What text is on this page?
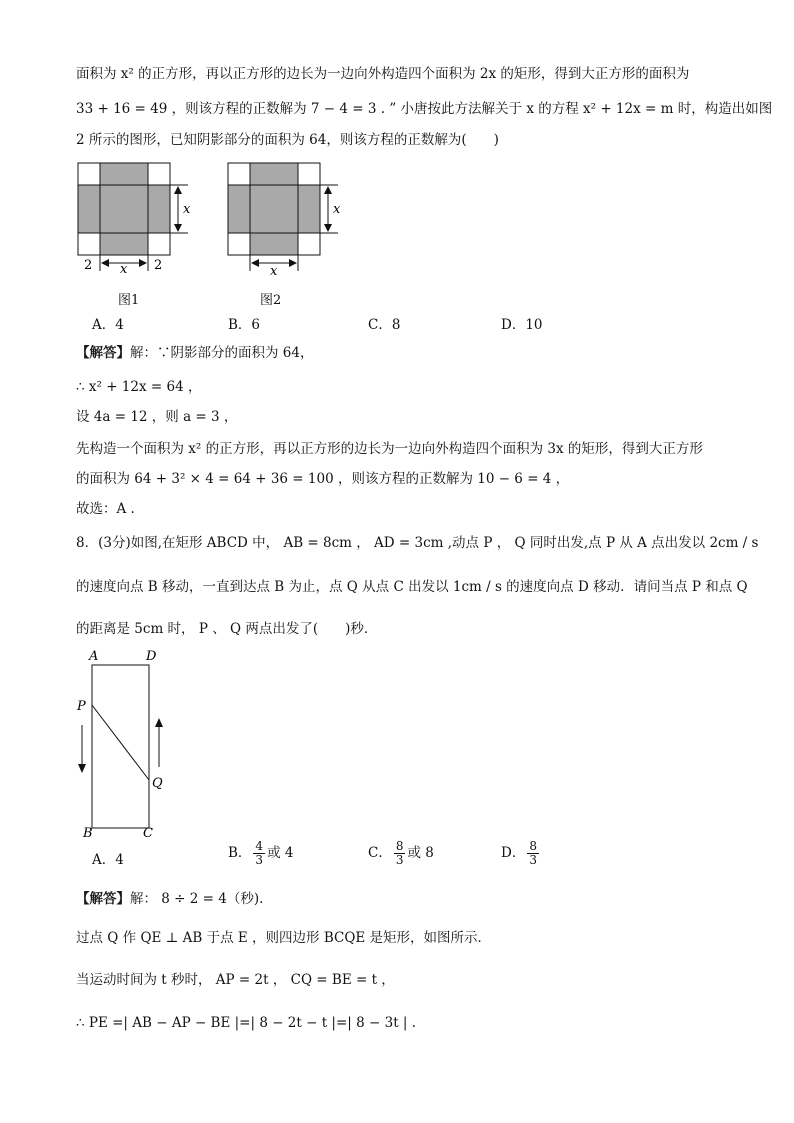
面积为 x² 的正方形，再以正方形的边长为一边向外构造四个面积为 2x 的矩形，得到大正方形的面积为
33 + 16 = 49 ，则该方程的正数解为 7 − 4 = 3 . ” 小唐按此方法解关于 x 的方程 x² + 12x = m 时，构造出如图
2 所示的图形，已知阴影部分的面积为 64，则该方程的正数解为(　　)
x
x
2	2
图1
x
x
图2
A．4	B．6	C．8	D．10
【解答】解：∵阴影部分的面积为 64，
∴ x² + 12x = 64 ，
设 4a = 12 ，则 a = 3 ，
先构造一个面积为 x² 的正方形，再以正方形的边长为一边向外构造四个面积为 3x 的矩形，得到大正方形
的面积为 64 + 3² × 4 = 64 + 36 = 100 ，则该方程的正数解为 10 − 6 = 4 ，
故选：A .
8．(3分)如图,在矩形 ABCD 中， AB = 8cm ， AD = 3cm ,动点 P ， Q 同时出发,点 P 从 A 点出发以 2cm / s
的速度向点 B 移动，一直到达点 B 为止，点 Q 从点 C 出发以 1cm / s 的速度向点 D 移动．请问当点 P 和点 Q
的距离是 5cm 时， P 、 Q 两点出发了(　　)秒．
A	D
P
Q
B	C
A．4	B． $\frac{4}{3}$ 或 4	C． $\frac{8}{3}$ 或 8	D． $\frac{8}{3}$
【解答】解： 8 ÷ 2 = 4（秒).
过点 Q 作 QE ⊥ AB 于点 E ，则四边形 BCQE 是矩形，如图所示．
当运动时间为 t 秒时， AP = 2t ， CQ = BE = t ，
∴ PE =| AB − AP − BE |=| 8 − 2t − t |=| 8 − 3t | .
